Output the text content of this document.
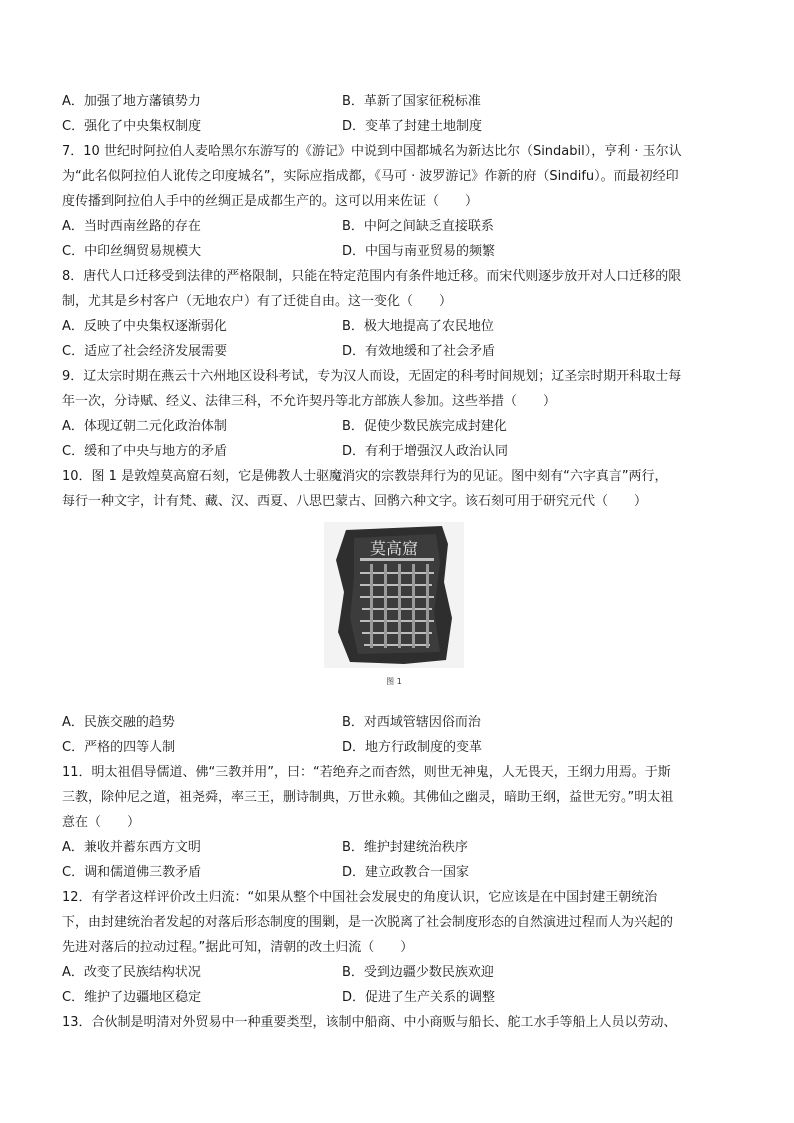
A．加强了地方藩镇势力	B．革新了国家征税标准
C．强化了中央集权制度	D．变革了封建土地制度
7．10 世纪时阿拉伯人麦哈黑尔东游写的《游记》中说到中国都城名为新达比尔（Sindabil），亨利 · 玉尔认
为“此名似阿拉伯人讹传之印度城名”，实际应指成都，《马可 · 波罗游记》作新的府（Sindifu）。而最初经印
度传播到阿拉伯人手中的丝绸正是成都生产的。这可以用来佐证（　　）
A．当时西南丝路的存在	B．中阿之间缺乏直接联系
C．中印丝绸贸易规模大	D．中国与南亚贸易的频繁
8．唐代人口迁移受到法律的严格限制，只能在特定范围内有条件地迁移。而宋代则逐步放开对人口迁移的限
制，尤其是乡村客户（无地农户）有了迁徙自由。这一变化（　　）
A．反映了中央集权逐渐弱化	B．极大地提高了农民地位
C．适应了社会经济发展需要	D．有效地缓和了社会矛盾
9．辽太宗时期在燕云十六州地区设科考试，专为汉人而设，无固定的科考时间规划；辽圣宗时期开科取士每
年一次，分诗赋、经义、法律三科，不允许契丹等北方部族人参加。这些举措（　　）
A．体现辽朝二元化政治体制	B．促使少数民族完成封建化
C．缓和了中央与地方的矛盾	D．有利于增强汉人政治认同
10．图 1 是敦煌莫高窟石刻，它是佛教人士驱魔消灾的宗教崇拜行为的见证。图中刻有“六字真言”两行，
每行一种文字，计有梵、藏、汉、西夏、八思巴蒙古、回鹘六种文字。该石刻可用于研究元代（　　）
莫高窟
图 1
A．民族交融的趋势	B．对西域管辖因俗而治
C．严格的四等人制	D．地方行政制度的变革
11．明太祖倡导儒道、佛“三教并用”，曰：“若绝弃之而杳然，则世无神鬼，人无畏天，王纲力用焉。于斯
三教，除仲尼之道，祖尧舜，率三王，删诗制典，万世永赖。其佛仙之幽灵，暗助王纲，益世无穷。”明太祖
意在（　　）
A．兼收并蓄东西方文明	B．维护封建统治秩序
C．调和儒道佛三教矛盾	D．建立政教合一国家
12．有学者这样评价改土归流：“如果从整个中国社会发展史的角度认识，它应该是在中国封建王朝统治
下，由封建统治者发起的对落后形态制度的围剿，是一次脱离了社会制度形态的自然演进过程而人为兴起的
先进对落后的拉动过程。”据此可知，清朝的改土归流（　　）
A．改变了民族结构状况	B．受到边疆少数民族欢迎
C．维护了边疆地区稳定	D．促进了生产关系的调整
13．合伙制是明清对外贸易中一种重要类型，该制中船商、中小商贩与船长、舵工水手等船上人员以劳动、
